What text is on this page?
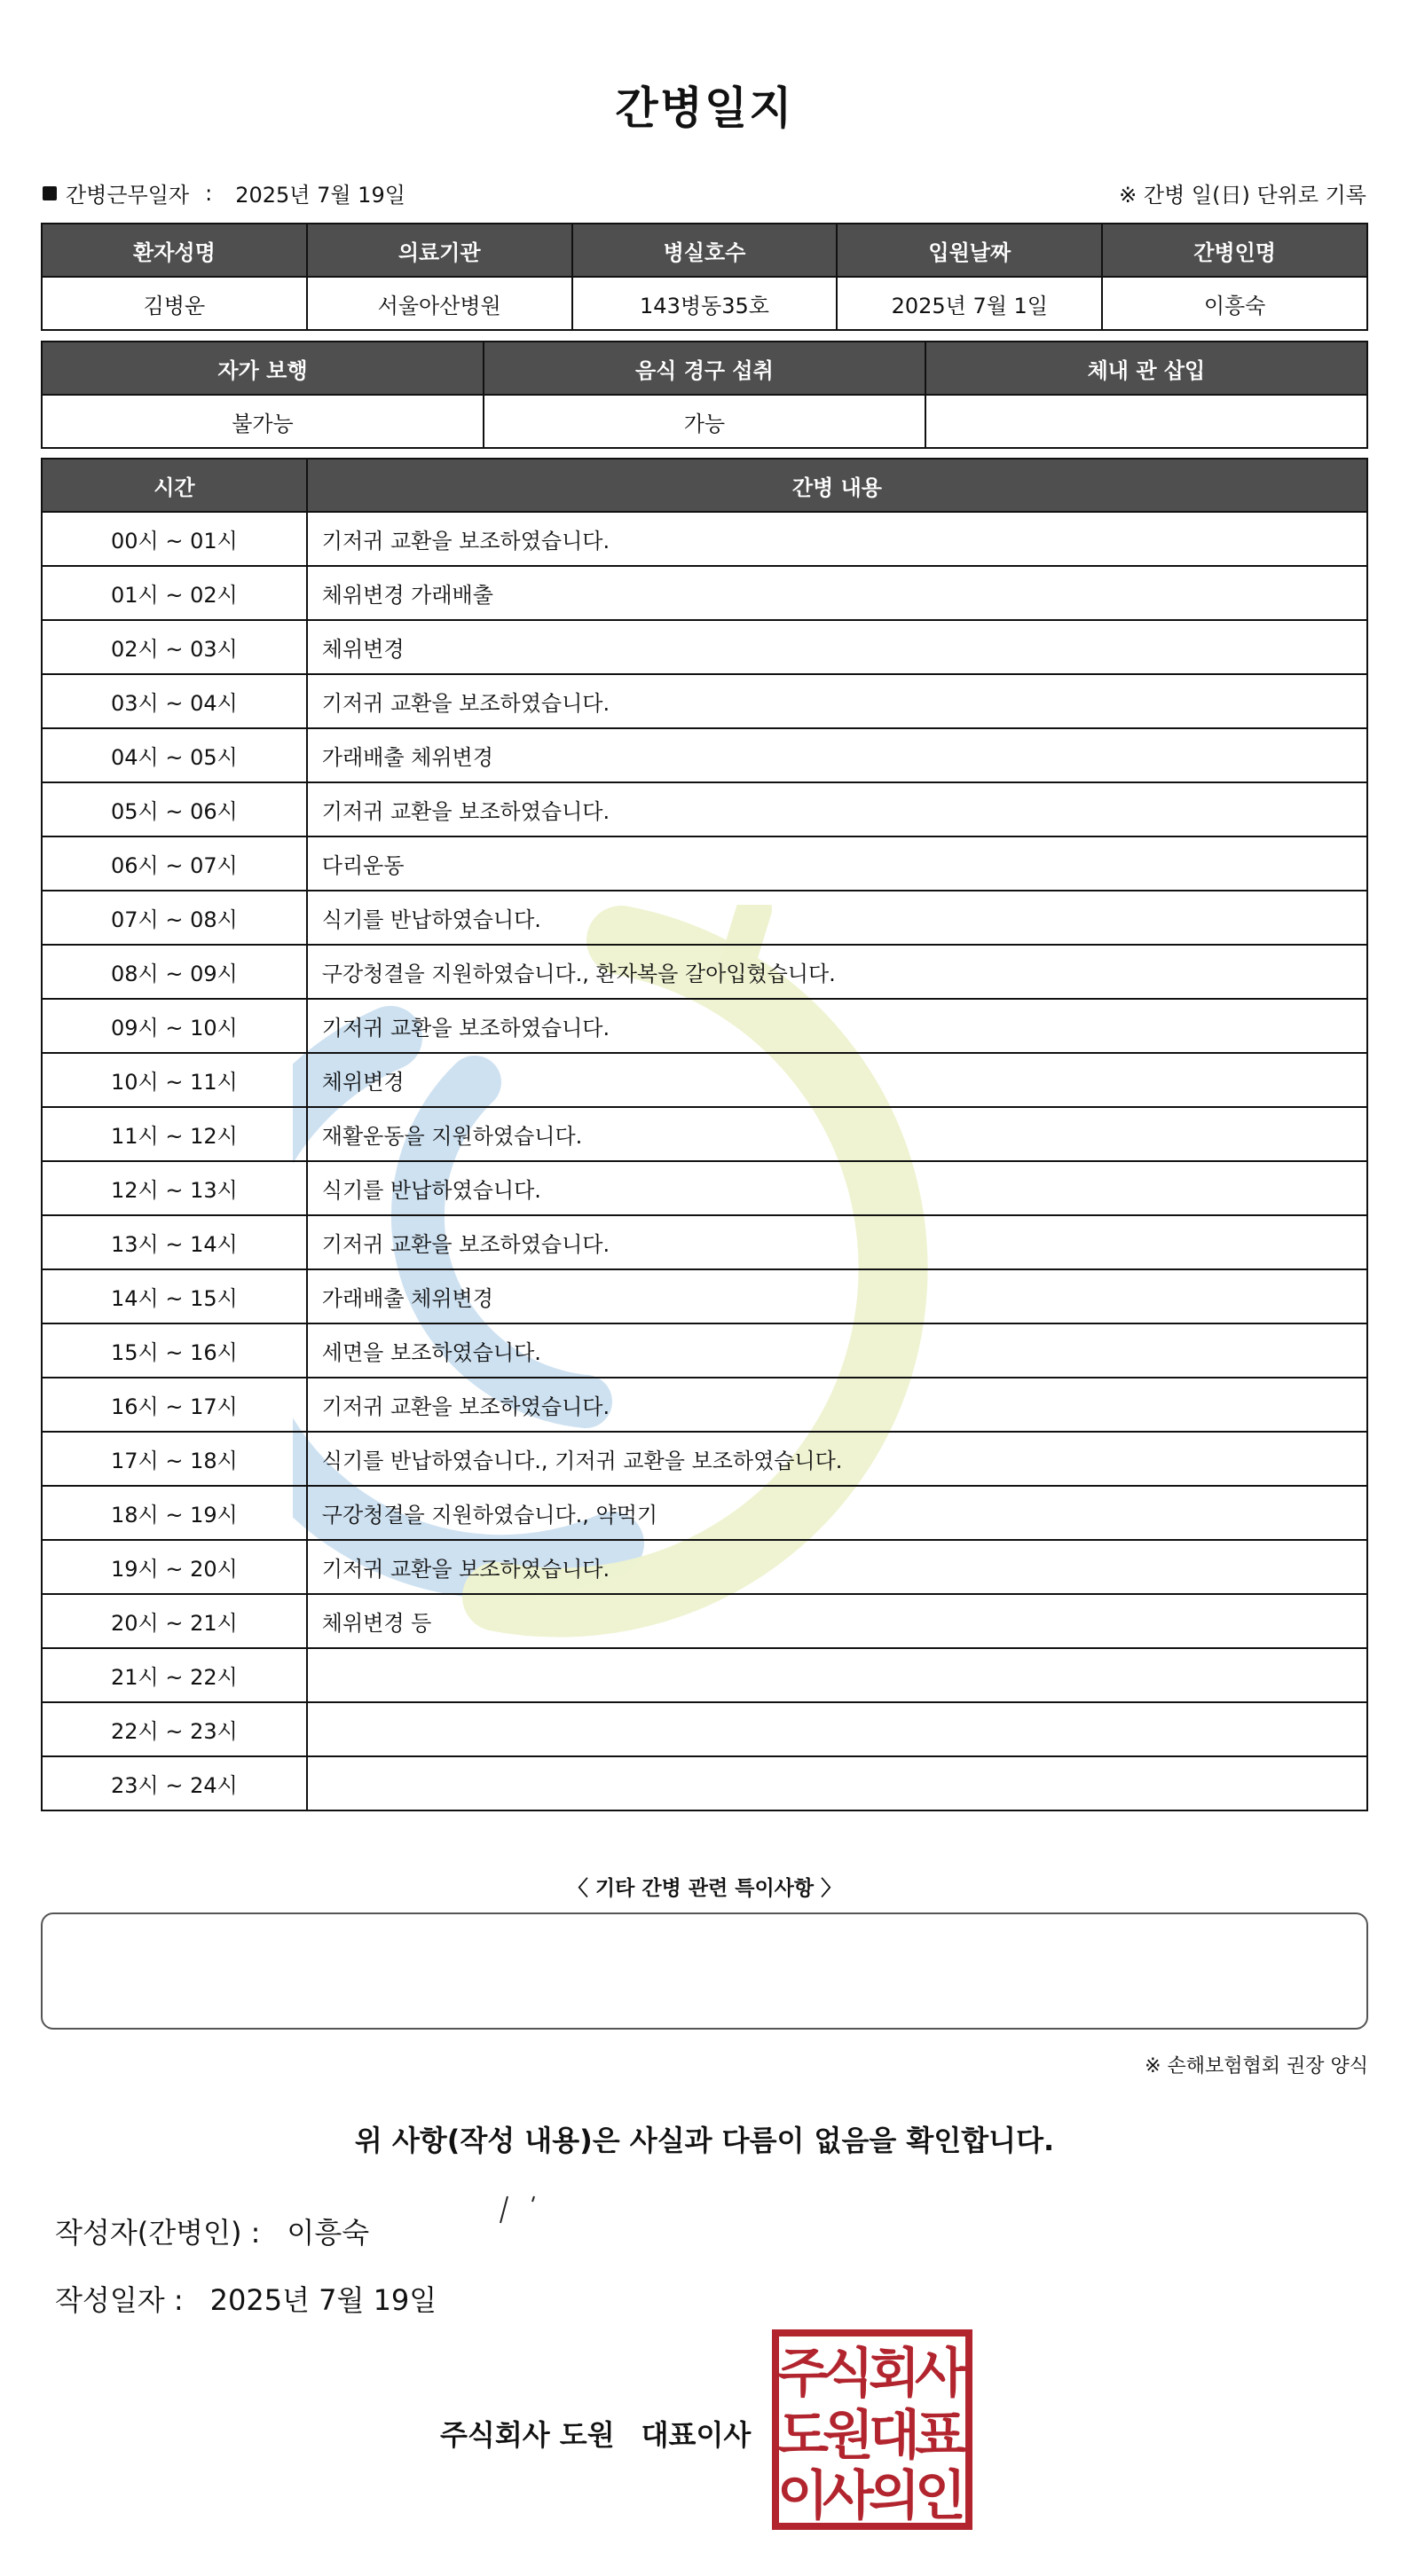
간병일지
간병근무일자 : 2025년 7월 19일	※ 간병 일(日) 단위로 기록
환자성명	의료기관	병실호수	입원날짜	간병인명
김병운	서울아산병원	143병동35호	2025년 7월 1일	이흥숙
자가 보행	음식 경구 섭취	체내 관 삽입
불가능	가능	
시간	간병 내용
00시 ~ 01시	기저귀 교환을 보조하였습니다.
01시 ~ 02시	체위변경 가래배출
02시 ~ 03시	체위변경
03시 ~ 04시	기저귀 교환을 보조하였습니다.
04시 ~ 05시	가래배출 체위변경
05시 ~ 06시	기저귀 교환을 보조하였습니다.
06시 ~ 07시	다리운동
07시 ~ 08시	식기를 반납하였습니다.
08시 ~ 09시	구강청결을 지원하였습니다., 환자복을 갈아입혔습니다.
09시 ~ 10시	기저귀 교환을 보조하였습니다.
10시 ~ 11시	체위변경
11시 ~ 12시	재활운동을 지원하였습니다.
12시 ~ 13시	식기를 반납하였습니다.
13시 ~ 14시	기저귀 교환을 보조하였습니다.
14시 ~ 15시	가래배출 체위변경
15시 ~ 16시	세면을 보조하였습니다.
16시 ~ 17시	기저귀 교환을 보조하였습니다.
17시 ~ 18시	식기를 반납하였습니다., 기저귀 교환을 보조하였습니다.
18시 ~ 19시	구강청결을 지원하였습니다., 약먹기
19시 ~ 20시	기저귀 교환을 보조하였습니다.
20시 ~ 21시	체위변경 등
21시 ~ 22시	
22시 ~ 23시	
23시 ~ 24시	
〈 기타 간병 관련 특이사항 〉
※ 손해보험협회 권장 양식
위 사항(작성 내용)은 사실과 다름이 없음을 확인합니다.
작성자(간병인) : 이흥숙
작성일자 : 2025년 7월 19일
주식회사 도원 대표이사
주
식
회
사
도
원
대
표
이
사
의
인
